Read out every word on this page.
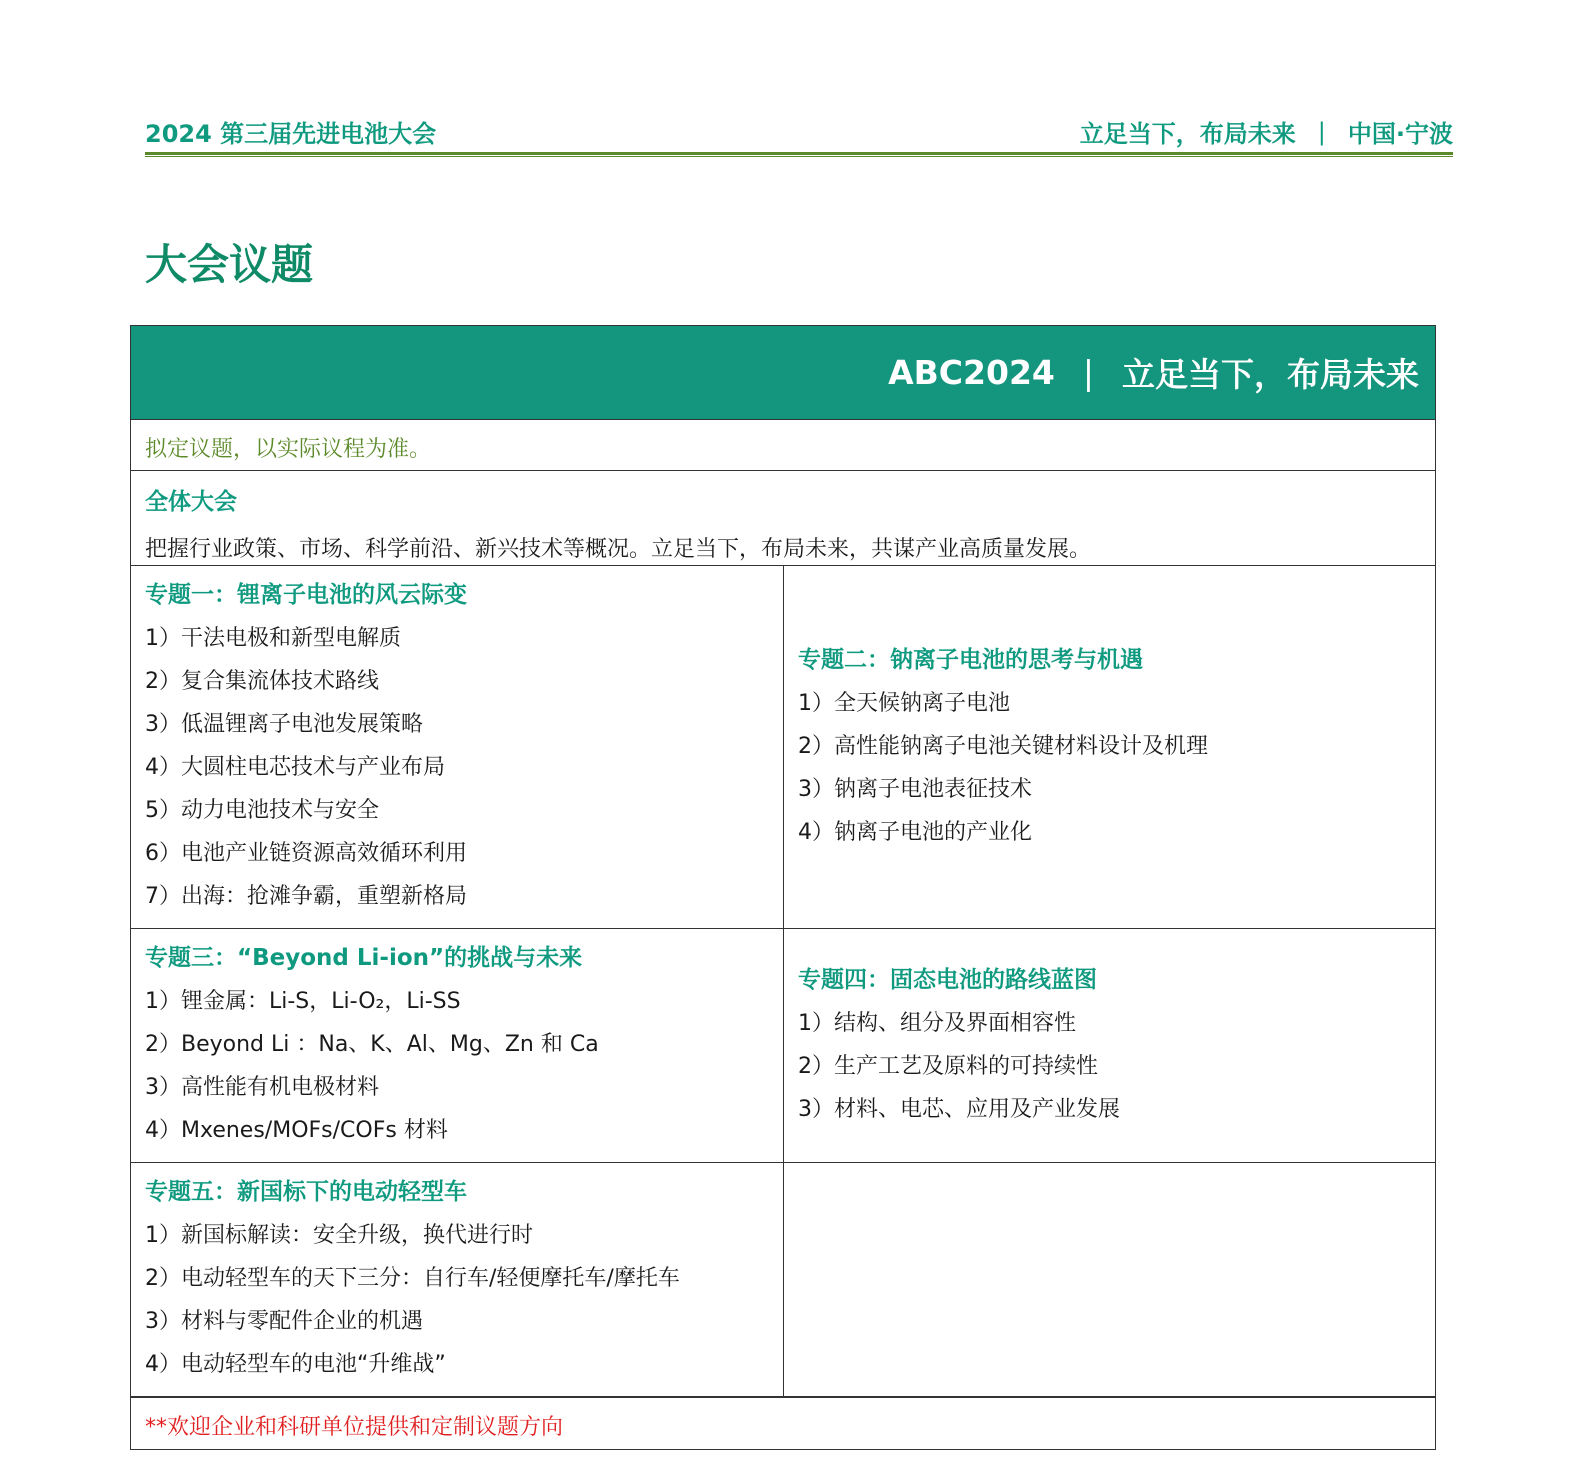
2024 第三届先进电池大会	立足当下，布局未来 | 中国·宁波
大会议题
ABC2024 | 立足当下，布局未来
拟定议题，以实际议程为准。
全体大会
把握行业政策、市场、科学前沿、新兴技术等概况。立足当下，布局未来，共谋产业高质量发展。
专题一：锂离子电池的风云际变
1）干法电极和新型电解质
2）复合集流体技术路线
3）低温锂离子电池发展策略
4）大圆柱电芯技术与产业布局
5）动力电池技术与安全
6）电池产业链资源高效循环利用
7）出海：抢滩争霸，重塑新格局
专题二：钠离子电池的思考与机遇
1）全天候钠离子电池
2）高性能钠离子电池关键材料设计及机理
3）钠离子电池表征技术
4）钠离子电池的产业化
专题三：“Beyond Li-ion”的挑战与未来
1）锂金属：Li-S，Li-O₂，Li-SS
2）Beyond Li ：Na、K、Al、Mg、Zn 和 Ca
3）高性能有机电极材料
4）Mxenes/MOFs/COFs 材料
专题四：固态电池的路线蓝图
1）结构、组分及界面相容性
2）生产工艺及原料的可持续性
3）材料、电芯、应用及产业发展
专题五：新国标下的电动轻型车
1）新国标解读：安全升级，换代进行时
2）电动轻型车的天下三分：自行车/轻便摩托车/摩托车
3）材料与零配件企业的机遇
4）电动轻型车的电池“升维战”
**欢迎企业和科研单位提供和定制议题方向
